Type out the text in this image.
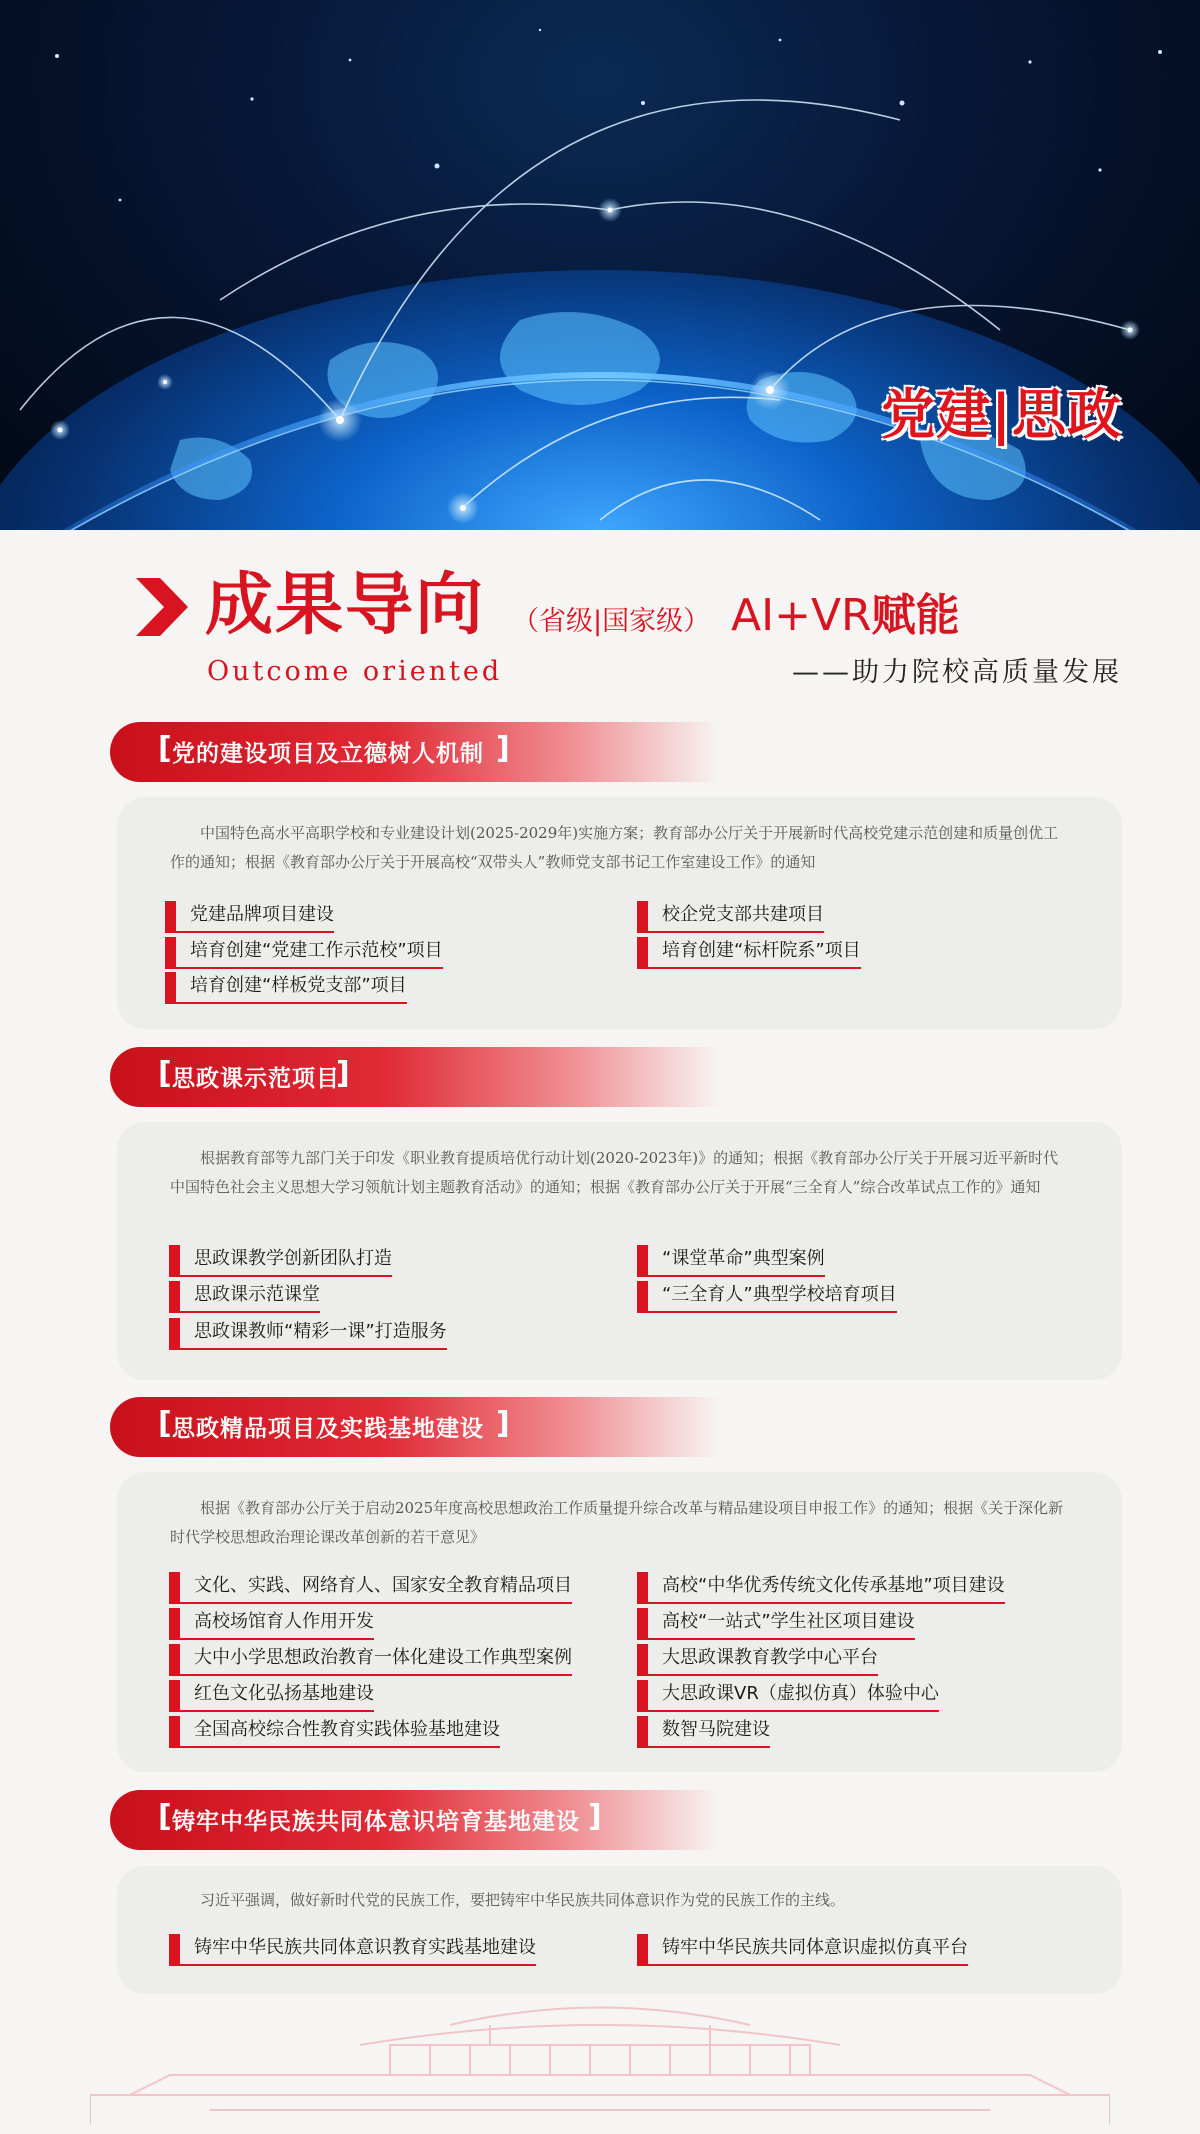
党建|思政
成果导向 （省级|国家级）
Outcome oriented
AI+VR赋能
——助力院校高质量发展
[ 党的建设项目及立德树人机制 ]

中国特色高水平高职学校和专业建设计划(2025-2029年)实施方案；教育部办公厅关于开展新时代高校党建示范创建和质量创优工作的通知；根据《教育部办公厅关于开展高校“双带头人”教师党支部书记工作室建设工作》的通知

党建品牌项目建设	校企党支部共建项目
培育创建“党建工作示范校”项目	培育创建“标杆院系”项目
培育创建“样板党支部”项目
[ 思政课示范项目
]

根据教育部等九部门关于印发《职业教育提质培优行动计划(2020-2023年)》的通知；根据《教育部办公厅关于开展习近平新时代中国特色社会主义思想大学习领航计划主题教育活动》的通知；根据《教育部办公厅关于开展“三全育人”综合改革试点工作的》通知

思政课教学创新团队打造	“课堂革命”典型案例
思政课示范课堂	“三全育人”典型学校培育项目
思政课教师“精彩一课”打造服务
[ 思政精品项目及实践基地建设 ]

根据《教育部办公厅关于启动2025年度高校思想政治工作质量提升综合改革与精品建设项目申报工作》的通知；根据《关于深化新时代学校思想政治理论课改革创新的若干意见》

文化、实践、网络育人、国家安全教育精品项目	高校“中华优秀传统文化传承基地”项目建设
高校场馆育人作用开发	高校“一站式”学生社区项目建设
大中小学思想政治教育一体化建设工作典型案例	大思政课教育教学中心平台
红色文化弘扬基地建设	大思政课VR（虚拟仿真）体验中心
全国高校综合性教育实践体验基地建设	数智马院建设
[ 铸牢中华民族共同体意识培育基地建设 ]

习近平强调，做好新时代党的民族工作，要把铸牢中华民族共同体意识作为党的民族工作的主线。

铸牢中华民族共同体意识教育实践基地建设	铸牢中华民族共同体意识虚拟仿真平台
